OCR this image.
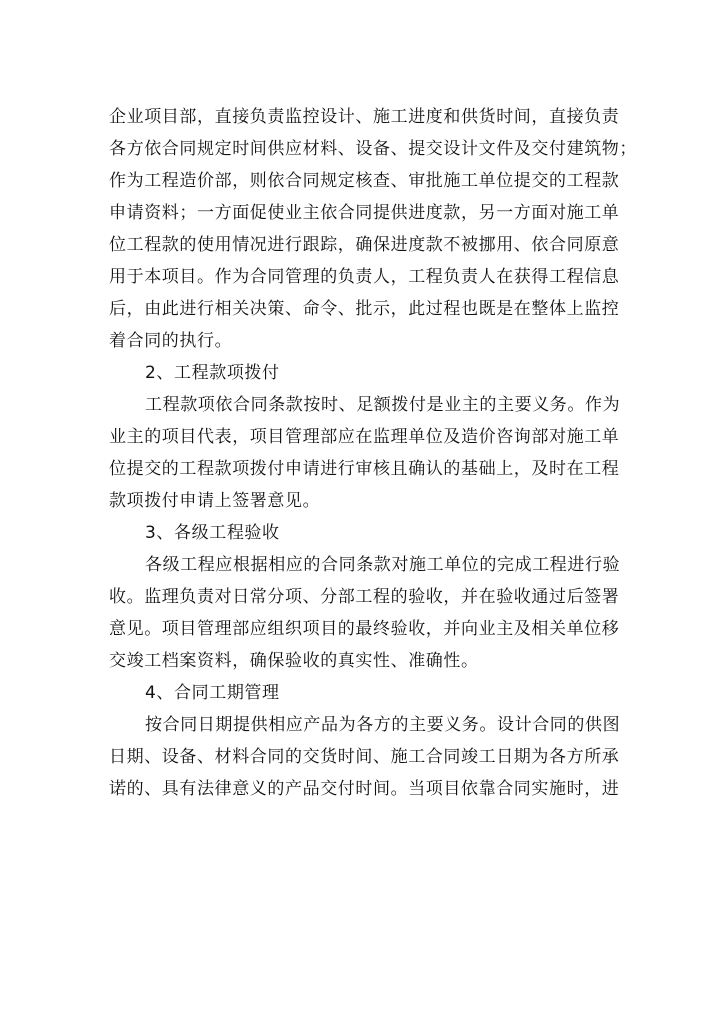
企业项目部，直接负责监控设计、施工进度和供货时间，直接负责
各方依合同规定时间供应材料、设备、提交设计文件及交付建筑物；
作为工程造价部，则依合同规定核查、审批施工单位提交的工程款
申请资料；一方面促使业主依合同提供进度款，另一方面对施工单
位工程款的使用情况进行跟踪，确保进度款不被挪用、依合同原意
用于本项目。作为合同管理的负责人，工程负责人在获得工程信息
后，由此进行相关决策、命令、批示，此过程也既是在整体上监控
着合同的执行。
2、工程款项拨付
工程款项依合同条款按时、足额拨付是业主的主要义务。作为
业主的项目代表，项目管理部应在监理单位及造价咨询部对施工单
位提交的工程款项拨付申请进行审核且确认的基础上，及时在工程
款项拨付申请上签署意见。
3、各级工程验收
各级工程应根据相应的合同条款对施工单位的完成工程进行验
收。监理负责对日常分项、分部工程的验收，并在验收通过后签署
意见。项目管理部应组织项目的最终验收，并向业主及相关单位移
交竣工档案资料，确保验收的真实性、准确性。
4、合同工期管理
按合同日期提供相应产品为各方的主要义务。设计合同的供图
日期、设备、材料合同的交货时间、施工合同竣工日期为各方所承
诺的、具有法律意义的产品交付时间。当项目依靠合同实施时，进
